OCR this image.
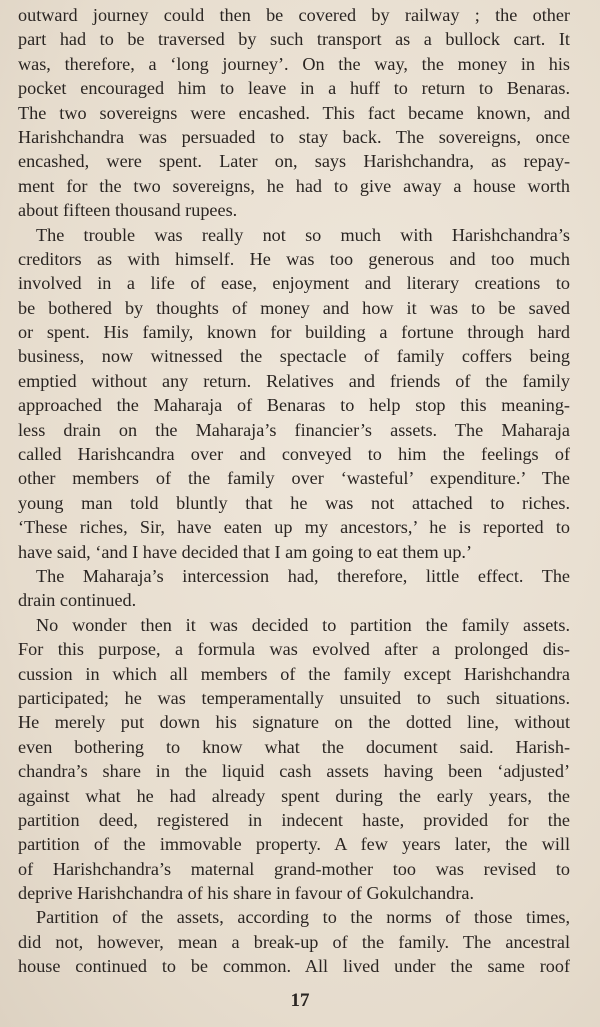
outward journey could then be covered by railway ; the other
part had to be traversed by such transport as a bullock cart. It
was, therefore, a ‘long journey’. On the way, the money in his
pocket encouraged him to leave in a huff to return to Benaras.
The two sovereigns were encashed. This fact became known, and
Harishchandra was persuaded to stay back. The sovereigns, once
encashed, were spent. Later on, says Harishchandra, as repay-
ment for the two sovereigns, he had to give away a house worth
about fifteen thousand rupees.
The trouble was really not so much with Harishchandra’s
creditors as with himself. He was too generous and too much
involved in a life of ease, enjoyment and literary creations to
be bothered by thoughts of money and how it was to be saved
or spent. His family, known for building a fortune through hard
business, now witnessed the spectacle of family coffers being
emptied without any return. Relatives and friends of the family
approached the Maharaja of Benaras to help stop this meaning-
less drain on the Maharaja’s financier’s assets. The Maharaja
called Harishcandra over and conveyed to him the feelings of
other members of the family over ‘wasteful’ expenditure.’ The
young man told bluntly that he was not attached to riches.
‘These riches, Sir, have eaten up my ancestors,’ he is reported to
have said, ‘and I have decided that I am going to eat them up.’
The Maharaja’s intercession had, therefore, little effect. The
drain continued.
No wonder then it was decided to partition the family assets.
For this purpose, a formula was evolved after a prolonged dis-
cussion in which all members of the family except Harishchandra
participated; he was temperamentally unsuited to such situations.
He merely put down his signature on the dotted line, without
even bothering to know what the document said. Harish-
chandra’s share in the liquid cash assets having been ‘adjusted’
against what he had already spent during the early years, the
partition deed, registered in indecent haste, provided for the
partition of the immovable property. A few years later, the will
of Harishchandra’s maternal grand-mother too was revised to
deprive Harishchandra of his share in favour of Gokulchandra.
Partition of the assets, according to the norms of those times,
did not, however, mean a break-up of the family. The ancestral
house continued to be common. All lived under the same roof
17
